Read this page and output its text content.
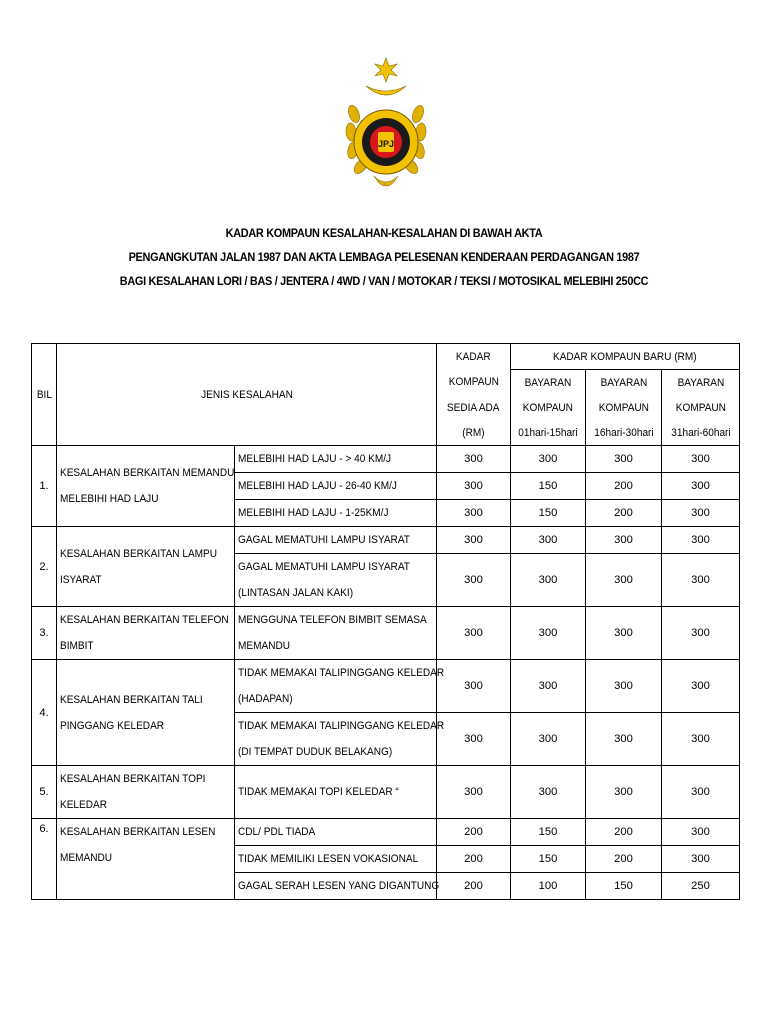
JPJ
KADAR KOMPAUN KESALAHAN-KESALAHAN DI BAWAH AKTA
PENGANGKUTAN JALAN 1987 DAN AKTA LEMBAGA PELESENAN KENDERAAN PERDAGANGAN 1987
BAGI KESALAHAN LORI / BAS / JENTERA / 4WD / VAN / MOTOKAR / TEKSI / MOTOSIKAL MELEBIHI 250CC
BIL	JENIS KESALAHAN		KADAR	KADAR KOMPAUN BARU (RM)		
			KOMPAUN	BAYARAN	BAYARAN	BAYARAN
			SEDIA ADA	KOMPAUN	KOMPAUN	KOMPAUN
			(RM)	01hari-15hari	16hari-30hari	31hari-60hari
1.	KESALAHAN BERKAITAN MEMANDU
MELEBIHI HAD LAJU	MELEBIHI HAD LAJU - > 40 KM/J	300	300	300	300

		MELEBIHI HAD LAJU - 26-40 KM/J	300	150	200	300

		MELEBIHI HAD LAJU - 1-25KM/J	300	150	200	300
2.	KESALAHAN BERKAITAN LAMPU
ISYARAT	GAGAL MEMATUHI LAMPU ISYARAT	300	300	300	300

		GAGAL MEMATUHI LAMPU ISYARAT
(LINTASAN JALAN KAKI)	300	300	300	300
3.	KESALAHAN BERKAITAN TELEFON
BIMBIT	MENGGUNA TELEFON BIMBIT SEMASA
MEMANDU	300	300	300	300
4.	KESALAHAN BERKAITAN TALI
PINGGANG KELEDAR	TIDAK MEMAKAI TALIPINGGANG KELEDAR
(HADAPAN)	300	300	300	300

		TIDAK MEMAKAI TALIPINGGANG KELEDAR
(DI TEMPAT DUDUK BELAKANG)	300	300	300	300
5.	KESALAHAN BERKAITAN TOPI
KELEDAR	TIDAK MEMAKAI TOPI KELEDAR “	300	300	300	300
6.	KESALAHAN BERKAITAN LESEN
MEMANDU	CDL/ PDL TIADA	200	150	200	300

		TIDAK MEMILIKI LESEN VOKASIONAL	200	150	200	300

		GAGAL SERAH LESEN YANG DIGANTUNG	200	100	150	250
